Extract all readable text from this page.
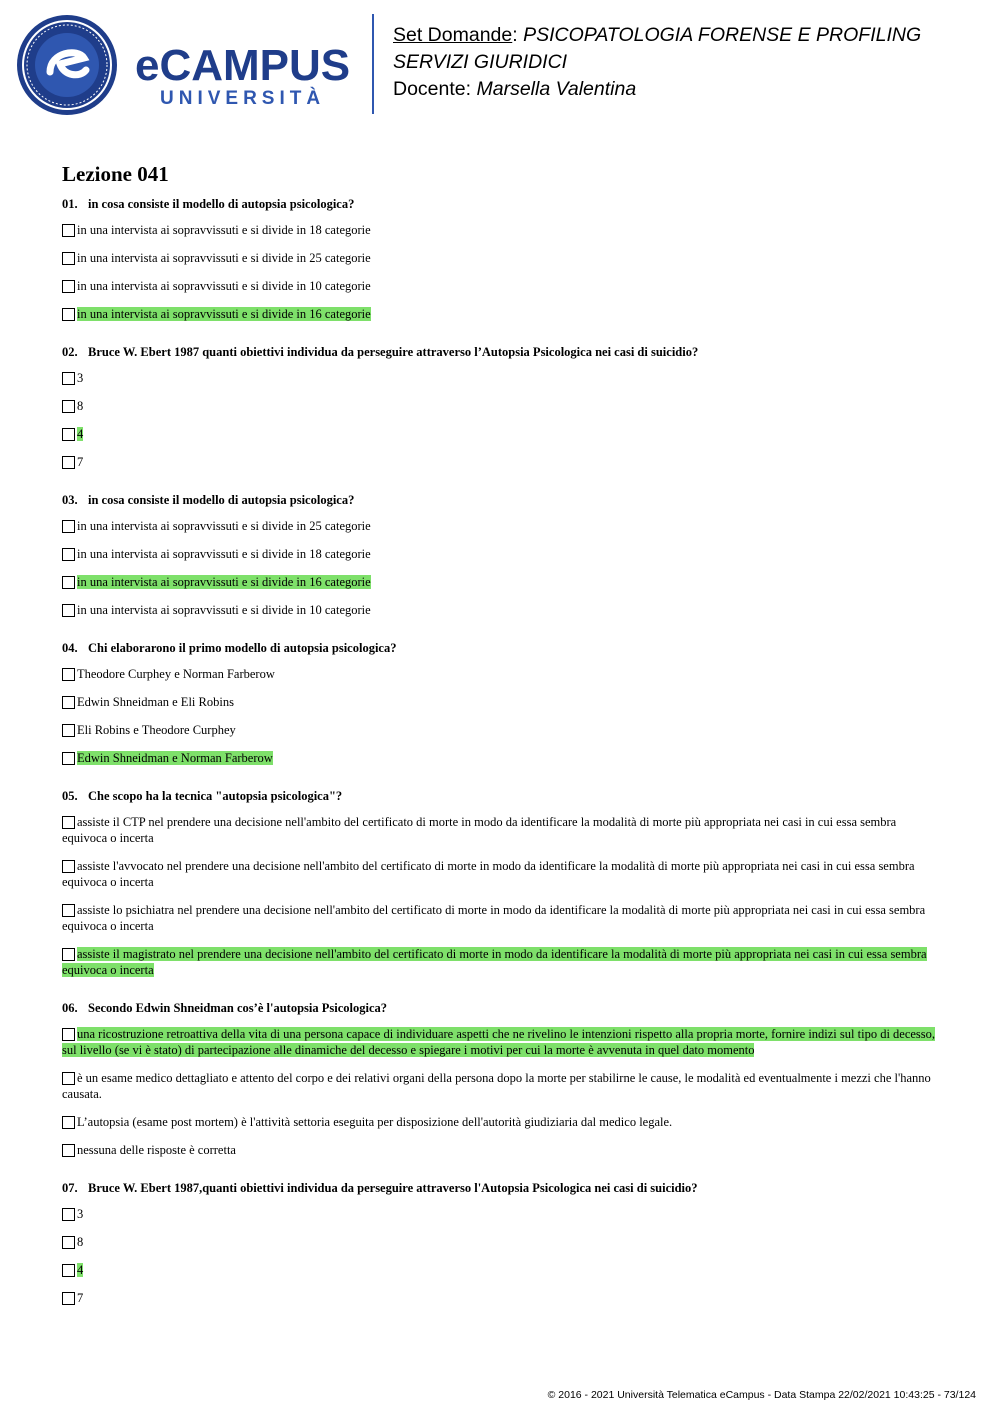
eCAMPUS
UNIVERSITÀ
Set Domande: PSICOPATOLOGIA FORENSE E PROFILING
SERVIZI GIURIDICI
Docente: Marsella Valentina
Lezione 041
01. in cosa consiste il modello di autopsia psicologica?
in una intervista ai sopravvissuti e si divide in 18 categorie
in una intervista ai sopravvissuti e si divide in 25 categorie
in una intervista ai sopravvissuti e si divide in 10 categorie
in una intervista ai sopravvissuti e si divide in 16 categorie
02. Bruce W. Ebert 1987 quanti obiettivi individua da perseguire attraverso l’Autopsia Psicologica nei casi di suicidio?
3
8
4
7
03. in cosa consiste il modello di autopsia psicologica?
in una intervista ai sopravvissuti e si divide in 25 categorie
in una intervista ai sopravvissuti e si divide in 18 categorie
in una intervista ai sopravvissuti e si divide in 16 categorie
in una intervista ai sopravvissuti e si divide in 10 categorie
04. Chi elaborarono il primo modello di autopsia psicologica?
Theodore Curphey e Norman Farberow
Edwin Shneidman e Eli Robins
Eli Robins e Theodore Curphey
Edwin Shneidman e Norman Farberow
05. Che scopo ha la tecnica "autopsia psicologica"?
assiste il CTP nel prendere una decisione nell'ambito del certificato di morte in modo da identificare la modalità di morte più appropriata nei casi in cui essa sembra equivoca o incerta
assiste l'avvocato nel prendere una decisione nell'ambito del certificato di morte in modo da identificare la modalità di morte più appropriata nei casi in cui essa sembra equivoca o incerta
assiste lo psichiatra nel prendere una decisione nell'ambito del certificato di morte in modo da identificare la modalità di morte più appropriata nei casi in cui essa sembra equivoca o incerta
assiste il magistrato nel prendere una decisione nell'ambito del certificato di morte in modo da identificare la modalità di morte più appropriata nei casi in cui essa sembra equivoca o incerta
06. Secondo Edwin Shneidman cos’è l'autopsia Psicologica?
una ricostruzione retroattiva della vita di una persona capace di individuare aspetti che ne rivelino le intenzioni rispetto alla propria morte, fornire indizi sul tipo di decesso, sul livello (se vi è stato) di partecipazione alle dinamiche del decesso e spiegare i motivi per cui la morte è avvenuta in quel dato momento
è un esame medico dettagliato e attento del corpo e dei relativi organi della persona dopo la morte per stabilirne le cause, le modalità ed eventualmente i mezzi che l'hanno causata.
L’autopsia (esame post mortem) è l'attività settoria eseguita per disposizione dell'autorità giudiziaria dal medico legale.
nessuna delle risposte è corretta
07. Bruce W. Ebert 1987,quanti obiettivi individua da perseguire attraverso l'Autopsia Psicologica nei casi di suicidio?
3
8
4
7
© 2016 - 2021 Università Telematica eCampus - Data Stampa 22/02/2021 10:43:25 - 73/124
